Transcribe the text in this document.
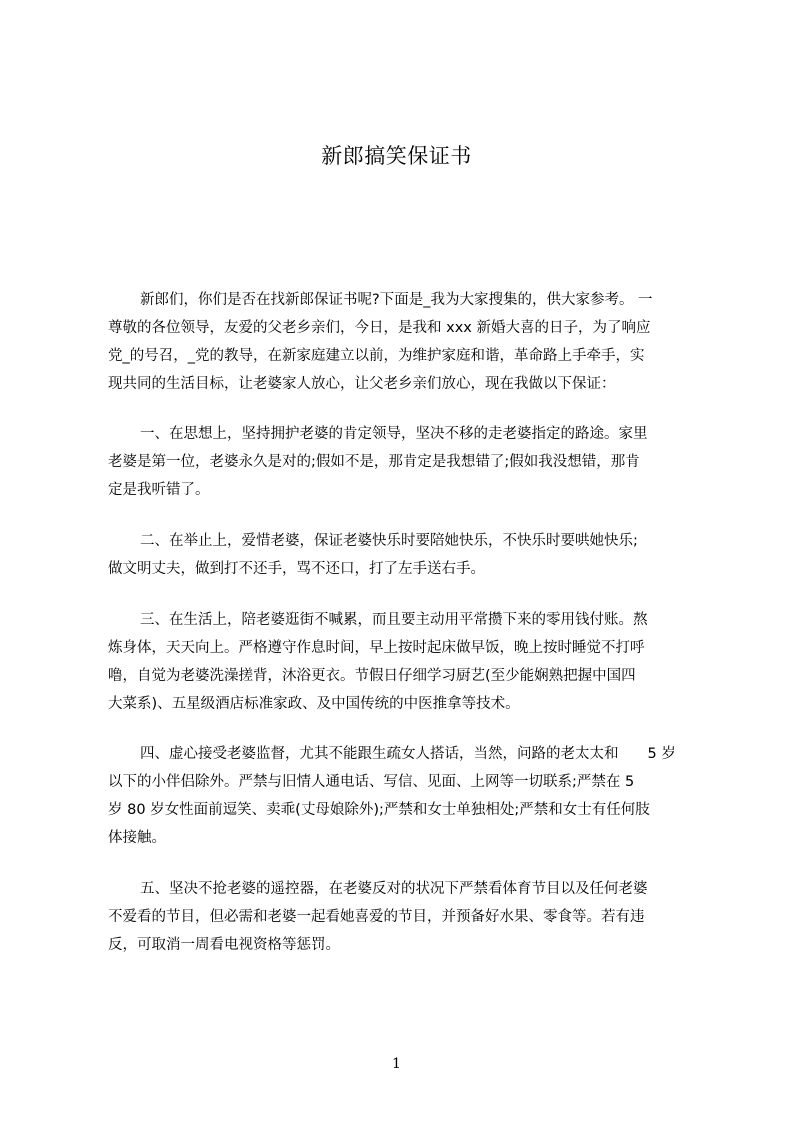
新郎搞笑保证书
新郎们，你们是否在找新郎保证书呢?下面是_我为大家搜集的，供大家参考。 一
尊敬的各位领导，友爱的父老乡亲们，今日，是我和 xxx 新婚大喜的日子，为了响应
党_的号召，_党的教导，在新家庭建立以前，为维护家庭和谐，革命路上手牵手，实
现共同的生活目标，让老婆家人放心，让父老乡亲们放心，现在我做以下保证：
一、在思想上，坚持拥护老婆的肯定领导，坚决不移的走老婆指定的路途。家里
老婆是第一位，老婆永久是对的;假如不是，那肯定是我想错了;假如我没想错，那肯
定是我听错了。
二、在举止上，爱惜老婆，保证老婆快乐时要陪她快乐，不快乐时要哄她快乐;
做文明丈夫，做到打不还手，骂不还口，打了左手送右手。
三、在生活上，陪老婆逛街不喊累，而且要主动用平常攒下来的零用钱付账。熬
炼身体，天天向上。严格遵守作息时间，早上按时起床做早饭，晚上按时睡觉不打呼
噜，自觉为老婆洗澡搓背，沐浴更衣。节假日仔细学习厨艺(至少能娴熟把握中国四
大菜系)、五星级酒店标准家政、及中国传统的中医推拿等技术。
四、虚心接受老婆监督，尤其不能跟生疏女人搭话，当然，问路的老太太和　　5 岁
以下的小伴侣除外。严禁与旧情人通电话、写信、见面、上网等一切联系;严禁在 5
岁 80 岁女性面前逗笑、卖乖(丈母娘除外);严禁和女士单独相处;严禁和女士有任何肢
体接触。
五、坚决不抢老婆的遥控器，在老婆反对的状况下严禁看体育节目以及任何老婆
不爱看的节目，但必需和老婆一起看她喜爱的节目，并预备好水果、零食等。若有违
反，可取消一周看电视资格等惩罚。
1
